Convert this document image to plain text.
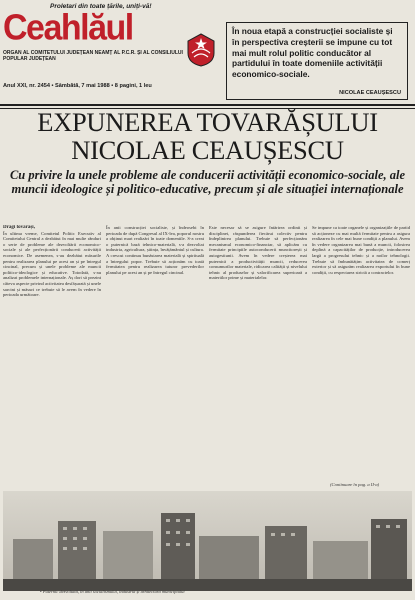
Proletari din toate țările, uniți-vă!
Ceahlăul
ORGAN AL COMITETULUI JUDEȚEAN NEAMȚ AL P.C.R. ȘI AL CONSILIULUI POPULAR JUDEȚEAN
Anul XXI, nr. 2454 • Sâmbătă, 7 mai 1988 • 8 pagini, 1 leu
În noua etapă a construcției socialiste și în perspectiva creșterii se impune cu tot mai mult rolul politic conducător al partidului în toate domeniile activității economico-sociale.
NICOLAE CEAUȘESCU
EXPUNEREA TOVARĂȘULUI NICOLAE CEAUȘESCU
Cu privire la unele probleme ale conducerii activității economico-sociale, ale muncii ideologice și politico-educative, precum și ale situației internaționale
Dragi tovarăși,
În ultima vreme, Comitetul Politic Executiv al Comitetului Central a dezbătut în mai multe rânduri o serie de probleme ale dezvoltării economico-sociale și ale perfecționării conducerii activității economice. De asemenea, s-au dezbătut măsurile pentru realizarea planului pe acest an și pe întregul cincinal, precum și unele probleme ale muncii politico-ideologice și educative. Totodată, s-au analizat problemele internaționale. Aș dori să prezint câteva aspecte privind activitatea desfășurată și unele sarcini și măsuri ce trebuie să le avem în vedere în perioada următoare.
În anii construcției socialiste, și îndeosebi în perioada de după Congresul al IX-lea, poporul nostru a obținut mari realizări în toate domeniile. S-a creat o puternică bază tehnico-materială, s-a dezvoltat industria, agricultura, știința, învățământul și cultura. A crescut continuu bunăstarea materială și spirituală a întregului popor. Trebuie să acționăm cu toată fermitatea pentru realizarea tuturor prevederilor planului pe acest an și pe întregul cincinal.
Este necesar să se asigure întărirea ordinii și disciplinei, răspunderea fiecărui colectiv pentru îndeplinirea planului. Trebuie să perfecționăm mecanismul economico-financiar, să aplicăm cu fermitate principiile autoconducerii muncitorești și autogestiunii. Avem în vedere creșterea mai puternică a productivității muncii, reducerea consumurilor materiale, ridicarea calității și nivelului tehnic al produselor și valorificarea superioară a materiilor prime și materialelor.
Se impune ca toate organele și organizațiile de partid să acționeze cu mai multă fermitate pentru a asigura realizarea în cele mai bune condiții a planului. Avem în vedere organizarea mai bună a muncii, folosirea deplină a capacităților de producție, introducerea largă a progresului tehnic și a noilor tehnologii. Trebuie să îmbunătățim activitatea de comerț exterior și să asigurăm realizarea exportului în bune condiții, cu respectarea strictă a contractelor.
(Continuare în pag. a II-a)
• Puternic dezvoltată, în anii socialismului, industria și arhitectura municipiului
